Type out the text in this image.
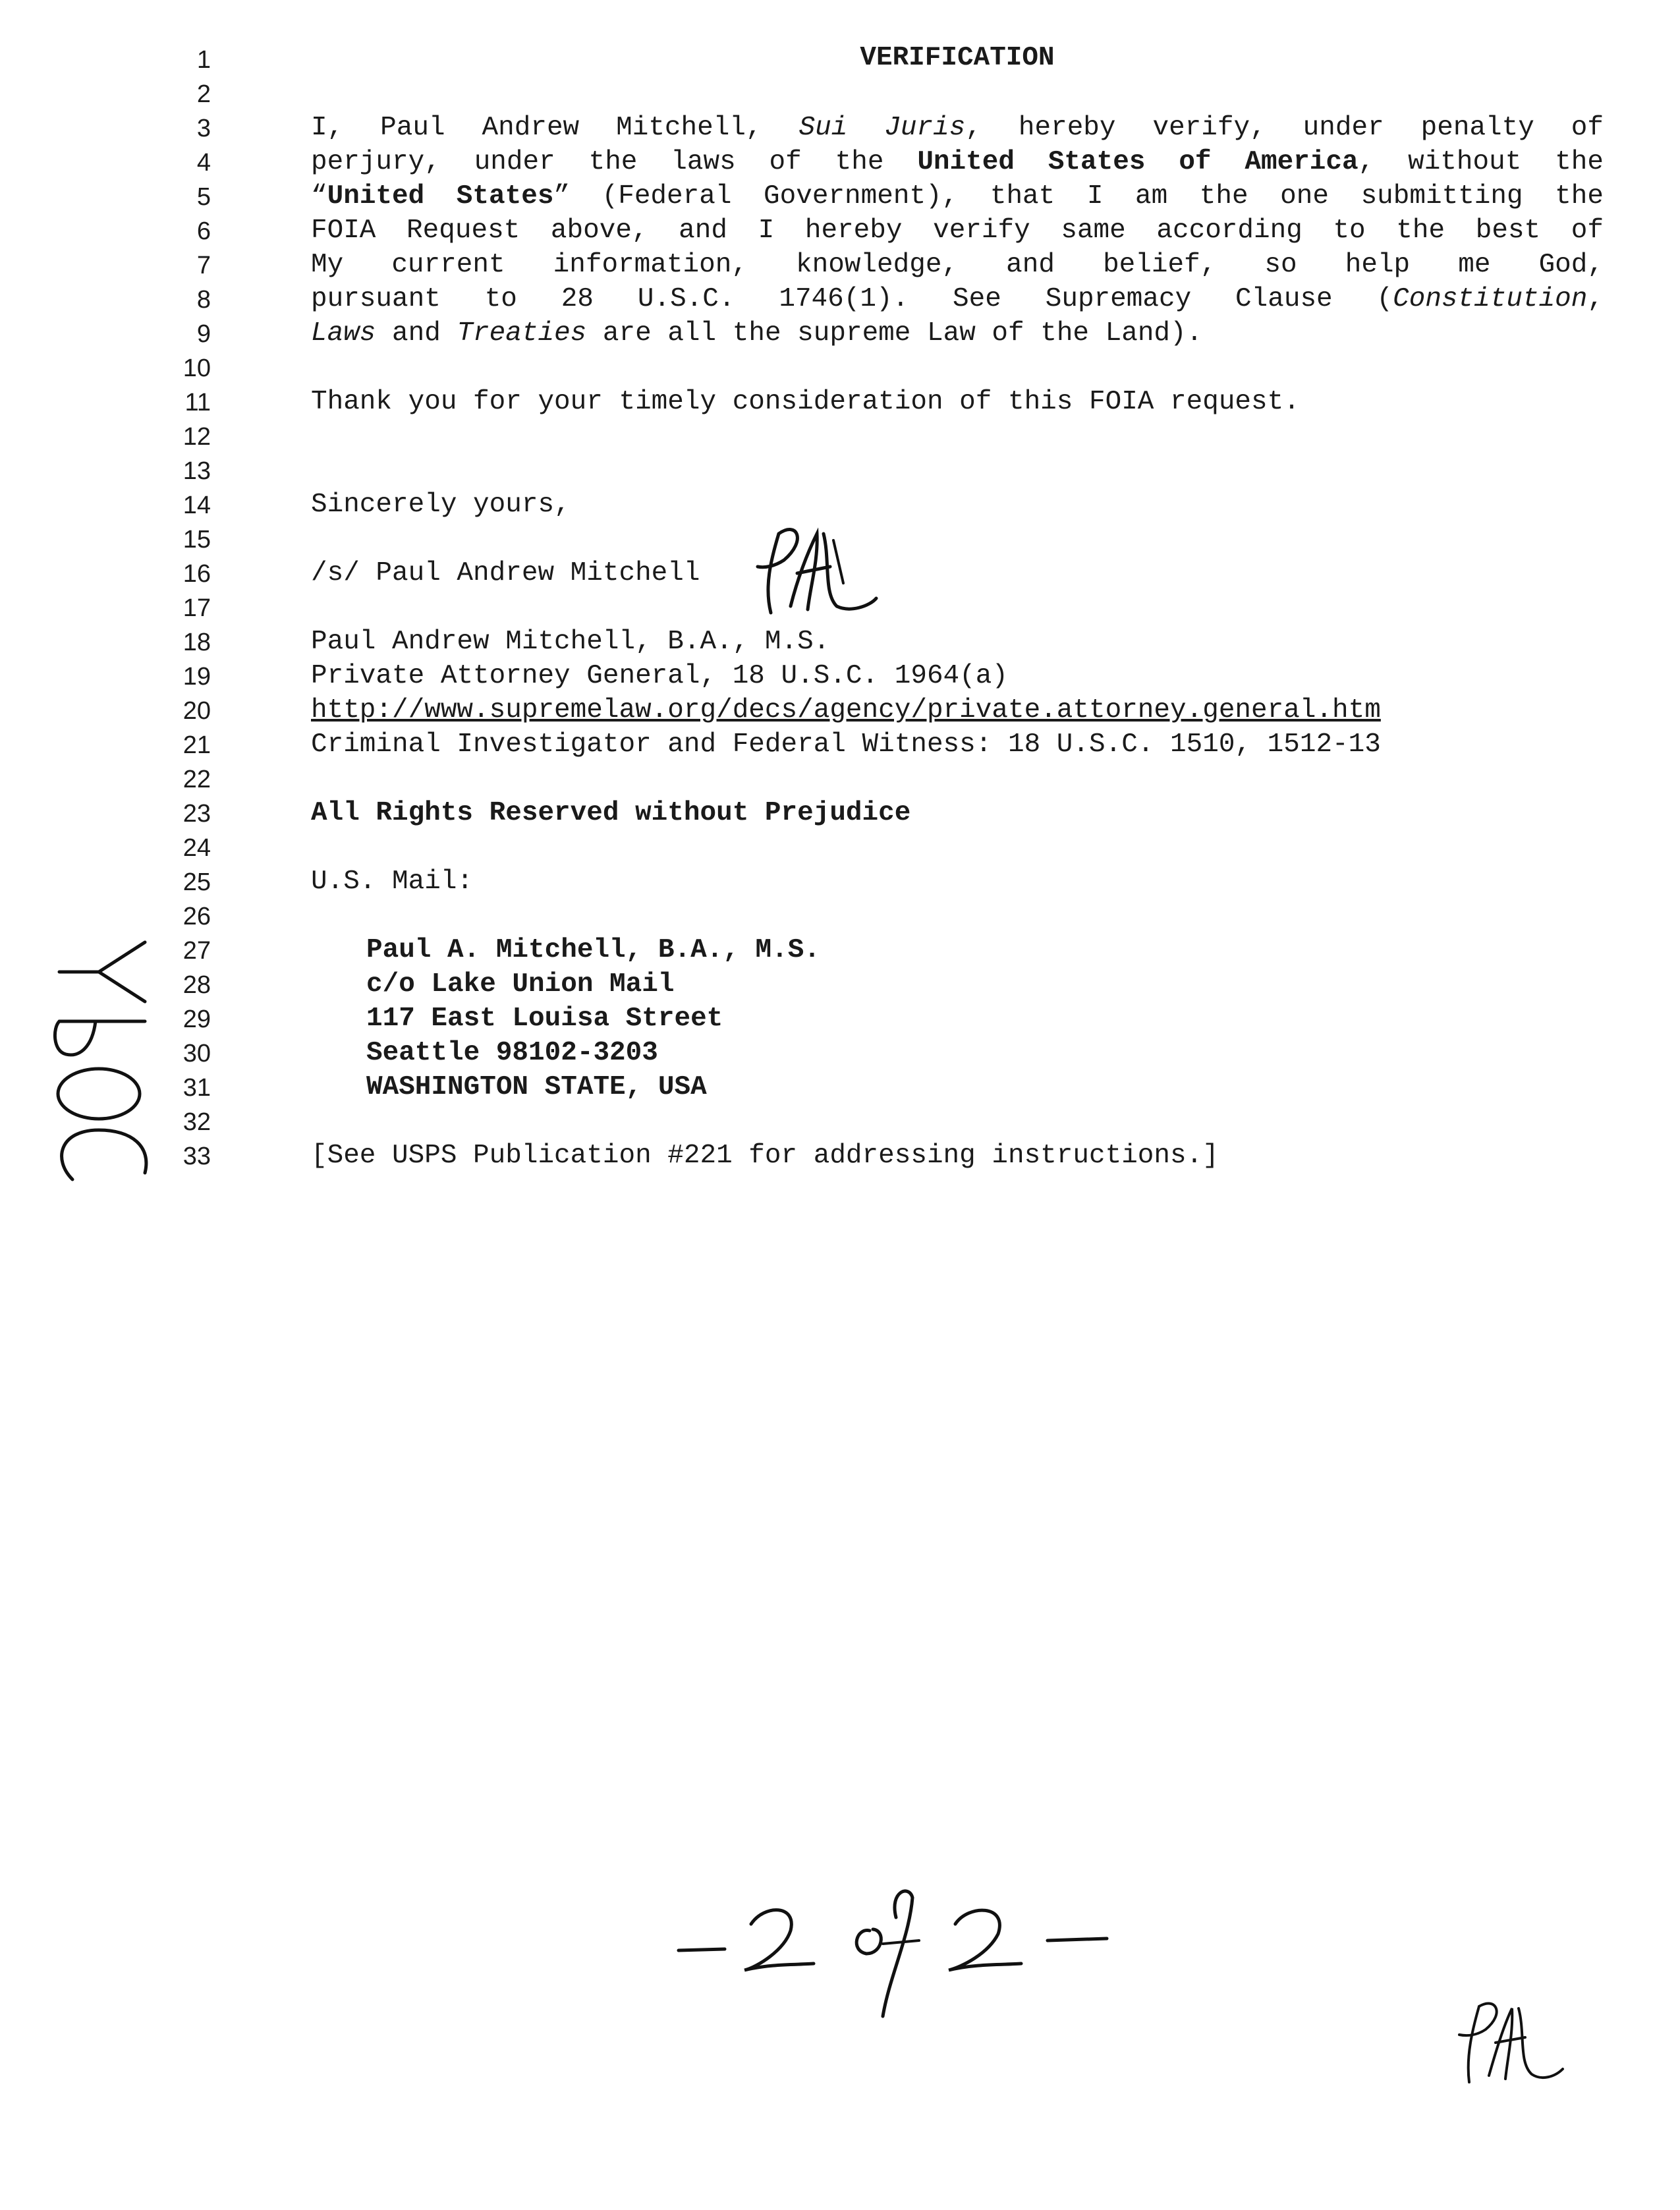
1
2
3
4
5
6
7
8
9
10
11
12
13
14
15
16
17
18
19
20
21
22
23
24
25
26
27
28
29
30
31
32
33
VERIFICATION
I, Paul Andrew Mitchell, Sui Juris, hereby verify, under penalty of
perjury, under the laws of the United States of America, without the
“United States” (Federal Government), that I am the one submitting the
FOIA Request above, and I hereby verify same according to the best of
My current information, knowledge, and belief, so help me God,
pursuant to 28 U.S.C. 1746(1). See Supremacy Clause (Constitution,
Laws and Treaties are all the supreme Law of the Land).
Thank you for your timely consideration of this FOIA request.
Sincerely yours,
/s/ Paul Andrew Mitchell
Paul Andrew Mitchell, B.A., M.S.
Private Attorney General, 18 U.S.C. 1964(a)
http://www.supremelaw.org/decs/agency/private.attorney.general.htm
Criminal Investigator and Federal Witness: 18 U.S.C. 1510, 1512-13
All Rights Reserved without Prejudice
U.S. Mail:
Paul A. Mitchell, B.A., M.S.
c/o Lake Union Mail
117 East Louisa Street
Seattle 98102-3203
WASHINGTON STATE, USA
[See USPS Publication #221 for addressing instructions.]
